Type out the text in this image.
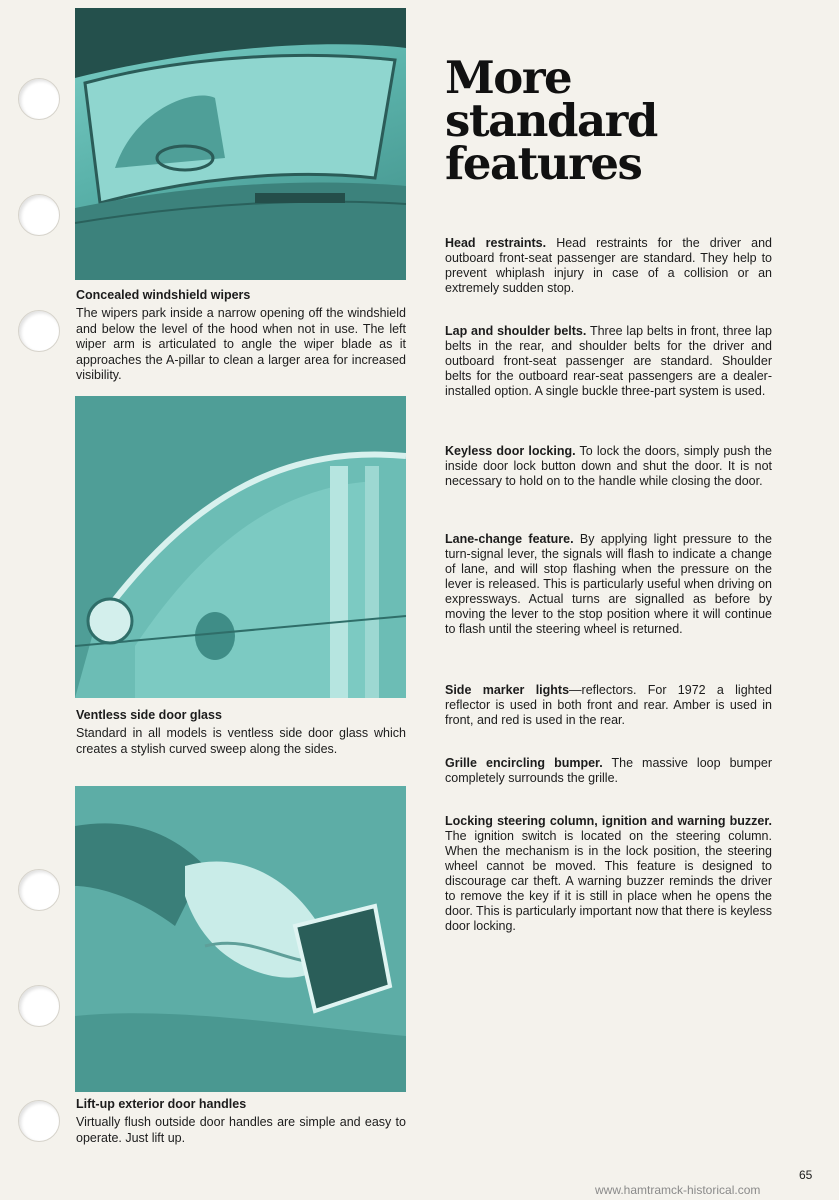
Concealed windshield wipers

The wipers park inside a narrow opening off the windshield and below the level of the hood when not in use. The left wiper arm is articulated to angle the wiper blade as it approaches the A-pillar to clean a larger area for increased visibility.

Ventless side door glass

Standard in all models is ventless side door glass which creates a stylish curved sweep along the sides.

Lift-up exterior door handles

Virtually flush outside door handles are simple and easy to operate. Just lift up.

More
standard
features

Head restraints. Head restraints for the driver and outboard front-seat passenger are standard. They help to prevent whiplash injury in case of a collision or an extremely sudden stop.

Lap and shoulder belts. Three lap belts in front, three lap belts in the rear, and shoulder belts for the driver and outboard front-seat passenger are standard. Shoulder belts for the outboard rear-seat passengers are a dealer-installed option. A single buckle three-part system is used.

Keyless door locking. To lock the doors, simply push the inside door lock button down and shut the door. It is not necessary to hold on to the handle while closing the door.

Lane-change feature. By applying light pressure to the turn-signal lever, the signals will flash to indicate a change of lane, and will stop flashing when the pressure on the lever is released. This is particularly useful when driving on expressways. Actual turns are signalled as before by moving the lever to the stop position where it will continue to flash until the steering wheel is returned.

Side marker lights—reflectors. For 1972 a lighted reflector is used in both front and rear. Amber is used in front, and red is used in the rear.

Grille encircling bumper. The massive loop bumper completely surrounds the grille.

Locking steering column, ignition and warning buzzer. The ignition switch is located on the steering column. When the mechanism is in the lock position, the steering wheel cannot be moved. This feature is designed to discourage car theft. A warning buzzer reminds the driver to remove the key if it is still in place when he opens the door. This is particularly important now that there is keyless door locking.

65
www.hamtramck-historical.com
